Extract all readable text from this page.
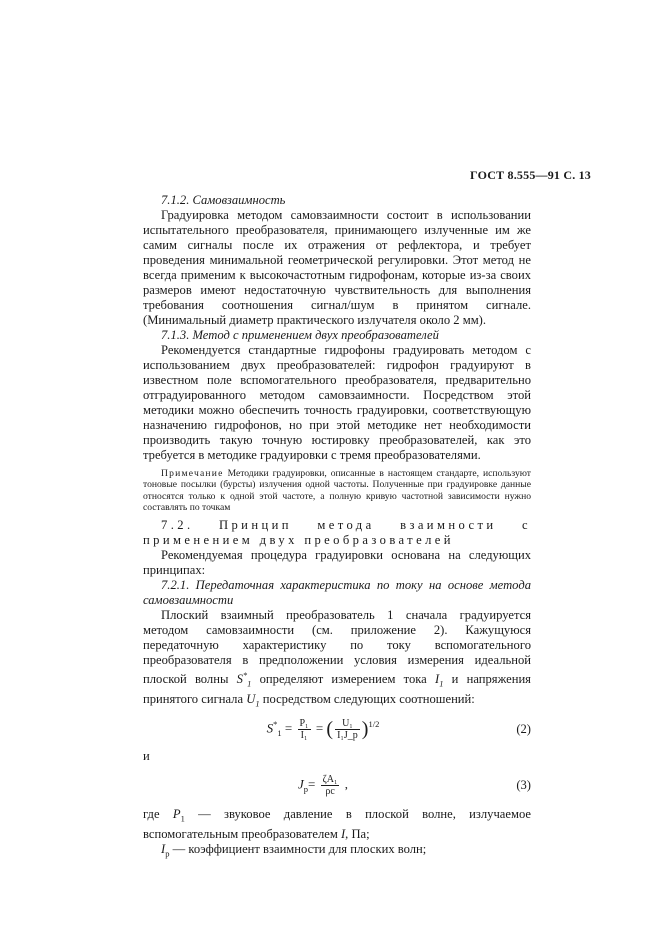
ГОСТ 8.555—91 С. 13

7.1.2. Самовзаимность

Градуировка методом самовзаимности состоит в использовании испытательного преобразователя, принимающего излученные им же самим сигналы после их отражения от рефлектора, и требует проведения минимальной геометрической регулировки. Этот метод не всегда применим к высокочастотным гидрофонам, которые из-за своих размеров имеют недостаточную чувствительность для выполнения требования соотношения сигнал/шум в принятом сигнале. (Минимальный диаметр практического излучателя около 2 мм).

7.1.3. Метод с применением двух преобразователей

Рекомендуется стандартные гидрофоны градуировать методом с использованием двух преобразователей: гидрофон градуируют в известном поле вспомогательного преобразователя, предварительно отградуированного методом самовзаимности. Посредством этой методики можно обеспечить точность градуировки, соответствующую назначению гидрофонов, но при этой методике нет необходимости производить такую точную юстировку преобразователей, как это требуется в методике градуировки с тремя преобразователями.

Примечание Методики градуировки, описанные в настоящем стандарте, используют тоновые посылки (бурсты) излучения одной частоты. Полученные при градуировке данные относятся только к одной этой частоте, а полную кривую частотной зависимости нужно составлять по точкам

7.2. Принцип метода взаимности с применением двух преобразователей

Рекомендуемая процедура градуировки основана на следующих принципах:

7.2.1. Передаточная характеристика по току на основе метода самовзаимности

Плоский взаимный преобразователь 1 сначала градуируется методом самовзаимности (см. приложение 2). Кажущуюся передаточную характеристику по току вспомогательного преобразователя в предположении условия измерения идеальной плоской волны $S^*_1$ определяют измерением тока $I_1$ и напряжения принятого сигнала $U_1$ посредством следующих соотношений:

$S^*_1 = \frac{\text{P₁}}{\text{I₁}}$ = ( $\frac{\text{U₁}}{\text{I₁J\_p}} )^{1/2}$	(2)

и

$J_p= \frac{\text{ζA₁}}{\rho c}$ ,	(3)

где $P_1$ — звуковое давление в плоской волне, излучаемое вспомогательным преобразователем I, Па;

$I_p$ — коэффициент взаимности для плоских волн;
